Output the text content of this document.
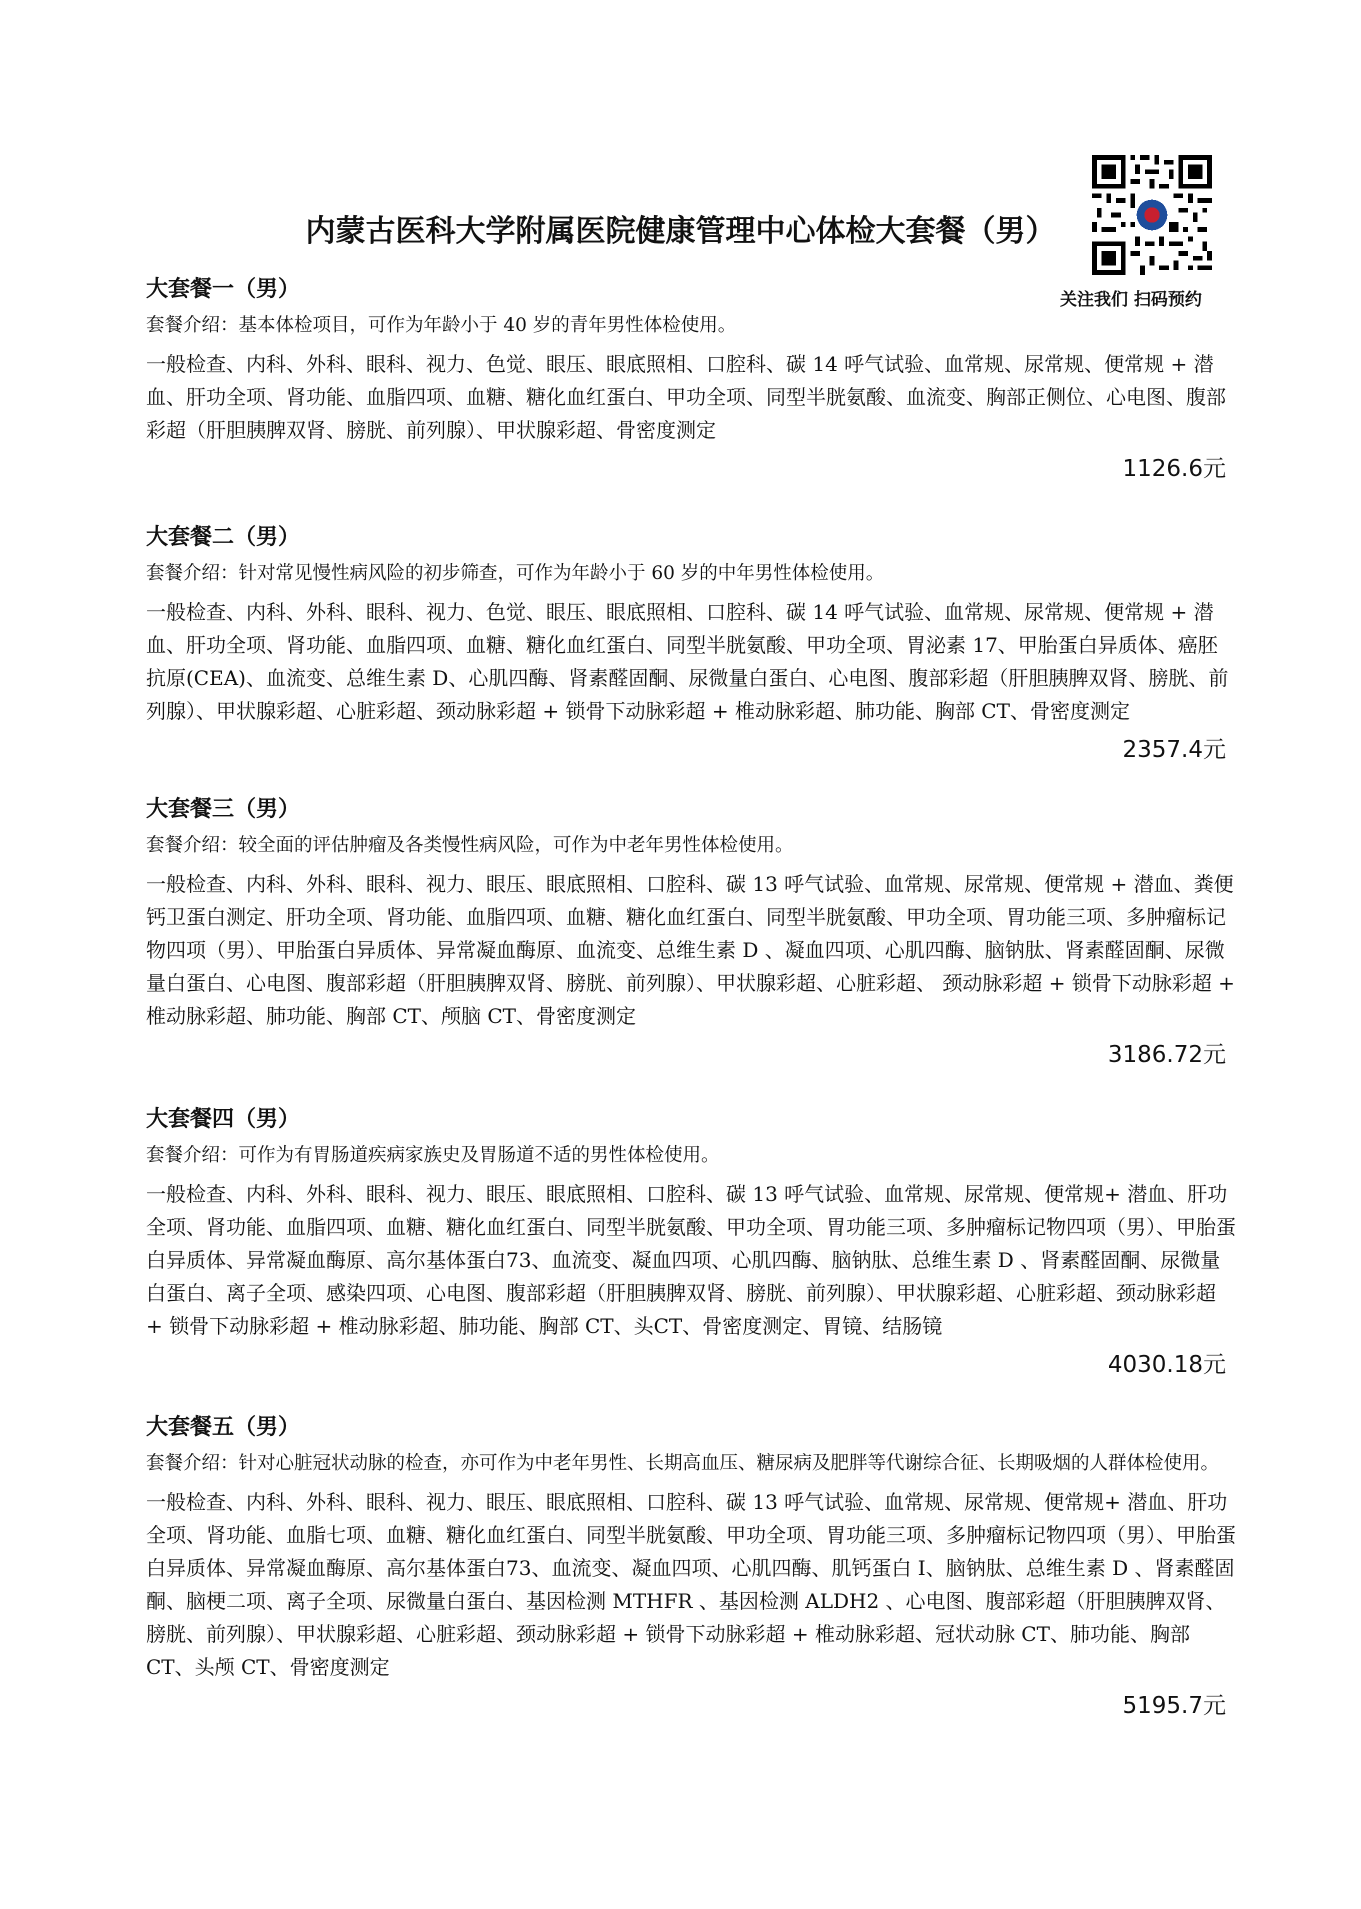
内蒙古医科大学附属医院健康管理中心体检大套餐（男）
关注我们 扫码预约
大套餐一（男）

套餐介绍：基本体检项目，可作为年龄小于 40 岁的青年男性体检使用。

一般检查、内科、外科、眼科、视力、色觉、眼压、眼底照相、口腔科、碳 14 呼气试验、血常规、尿常规、便常规 + 潜血、肝功全项、肾功能、血脂四项、血糖、糖化血红蛋白、甲功全项、同型半胱氨酸、血流变、胸部正侧位、心电图、腹部彩超（肝胆胰脾双肾、膀胱、前列腺）、甲状腺彩超、骨密度测定

1126.6元
大套餐二（男）

套餐介绍：针对常见慢性病风险的初步筛查，可作为年龄小于 60 岁的中年男性体检使用。

一般检查、内科、外科、眼科、视力、色觉、眼压、眼底照相、口腔科、碳 14 呼气试验、血常规、尿常规、便常规 + 潜血、肝功全项、肾功能、血脂四项、血糖、糖化血红蛋白、同型半胱氨酸、甲功全项、胃泌素 17、甲胎蛋白异质体、癌胚抗原(CEA)、血流变、总维生素 D、心肌四酶、肾素醛固酮、尿微量白蛋白、心电图、腹部彩超（肝胆胰脾双肾、膀胱、前列腺）、甲状腺彩超、心脏彩超、颈动脉彩超 + 锁骨下动脉彩超 + 椎动脉彩超、肺功能、胸部 CT、骨密度测定

2357.4元
大套餐三（男）

套餐介绍：较全面的评估肿瘤及各类慢性病风险，可作为中老年男性体检使用。

一般检查、内科、外科、眼科、视力、眼压、眼底照相、口腔科、碳 13 呼气试验、血常规、尿常规、便常规 + 潜血、粪便钙卫蛋白测定、肝功全项、肾功能、血脂四项、血糖、糖化血红蛋白、同型半胱氨酸、甲功全项、胃功能三项、多肿瘤标记物四项（男）、甲胎蛋白异质体、异常凝血酶原、血流变、总维生素 D 、凝血四项、心肌四酶、脑钠肽、肾素醛固酮、尿微量白蛋白、心电图、腹部彩超（肝胆胰脾双肾、膀胱、前列腺）、甲状腺彩超、心脏彩超、 颈动脉彩超 + 锁骨下动脉彩超 + 椎动脉彩超、肺功能、胸部 CT、颅脑 CT、骨密度测定

3186.72元
大套餐四（男）

套餐介绍：可作为有胃肠道疾病家族史及胃肠道不适的男性体检使用。

一般检查、内科、外科、眼科、视力、眼压、眼底照相、口腔科、碳 13 呼气试验、血常规、尿常规、便常规+ 潜血、肝功全项、肾功能、血脂四项、血糖、糖化血红蛋白、同型半胱氨酸、甲功全项、胃功能三项、多肿瘤标记物四项（男）、甲胎蛋白异质体、异常凝血酶原、高尔基体蛋白73、血流变、凝血四项、心肌四酶、脑钠肽、总维生素 D 、肾素醛固酮、尿微量白蛋白、离子全项、感染四项、心电图、腹部彩超（肝胆胰脾双肾、膀胱、前列腺）、甲状腺彩超、心脏彩超、颈动脉彩超 + 锁骨下动脉彩超 + 椎动脉彩超、肺功能、胸部 CT、头CT、骨密度测定、胃镜、结肠镜

4030.18元
大套餐五（男）

套餐介绍：针对心脏冠状动脉的检查，亦可作为中老年男性、长期高血压、糖尿病及肥胖等代谢综合征、长期吸烟的人群体检使用。

一般检查、内科、外科、眼科、视力、眼压、眼底照相、口腔科、碳 13 呼气试验、血常规、尿常规、便常规+ 潜血、肝功全项、肾功能、血脂七项、血糖、糖化血红蛋白、同型半胱氨酸、甲功全项、胃功能三项、多肿瘤标记物四项（男）、甲胎蛋白异质体、异常凝血酶原、高尔基体蛋白73、血流变、凝血四项、心肌四酶、肌钙蛋白 I、脑钠肽、总维生素 D 、肾素醛固酮、脑梗二项、离子全项、尿微量白蛋白、基因检测 MTHFR 、基因检测 ALDH2 、心电图、腹部彩超（肝胆胰脾双肾、膀胱、前列腺）、甲状腺彩超、心脏彩超、颈动脉彩超 + 锁骨下动脉彩超 + 椎动脉彩超、冠状动脉 CT、肺功能、胸部 CT、头颅 CT、骨密度测定

5195.7元
